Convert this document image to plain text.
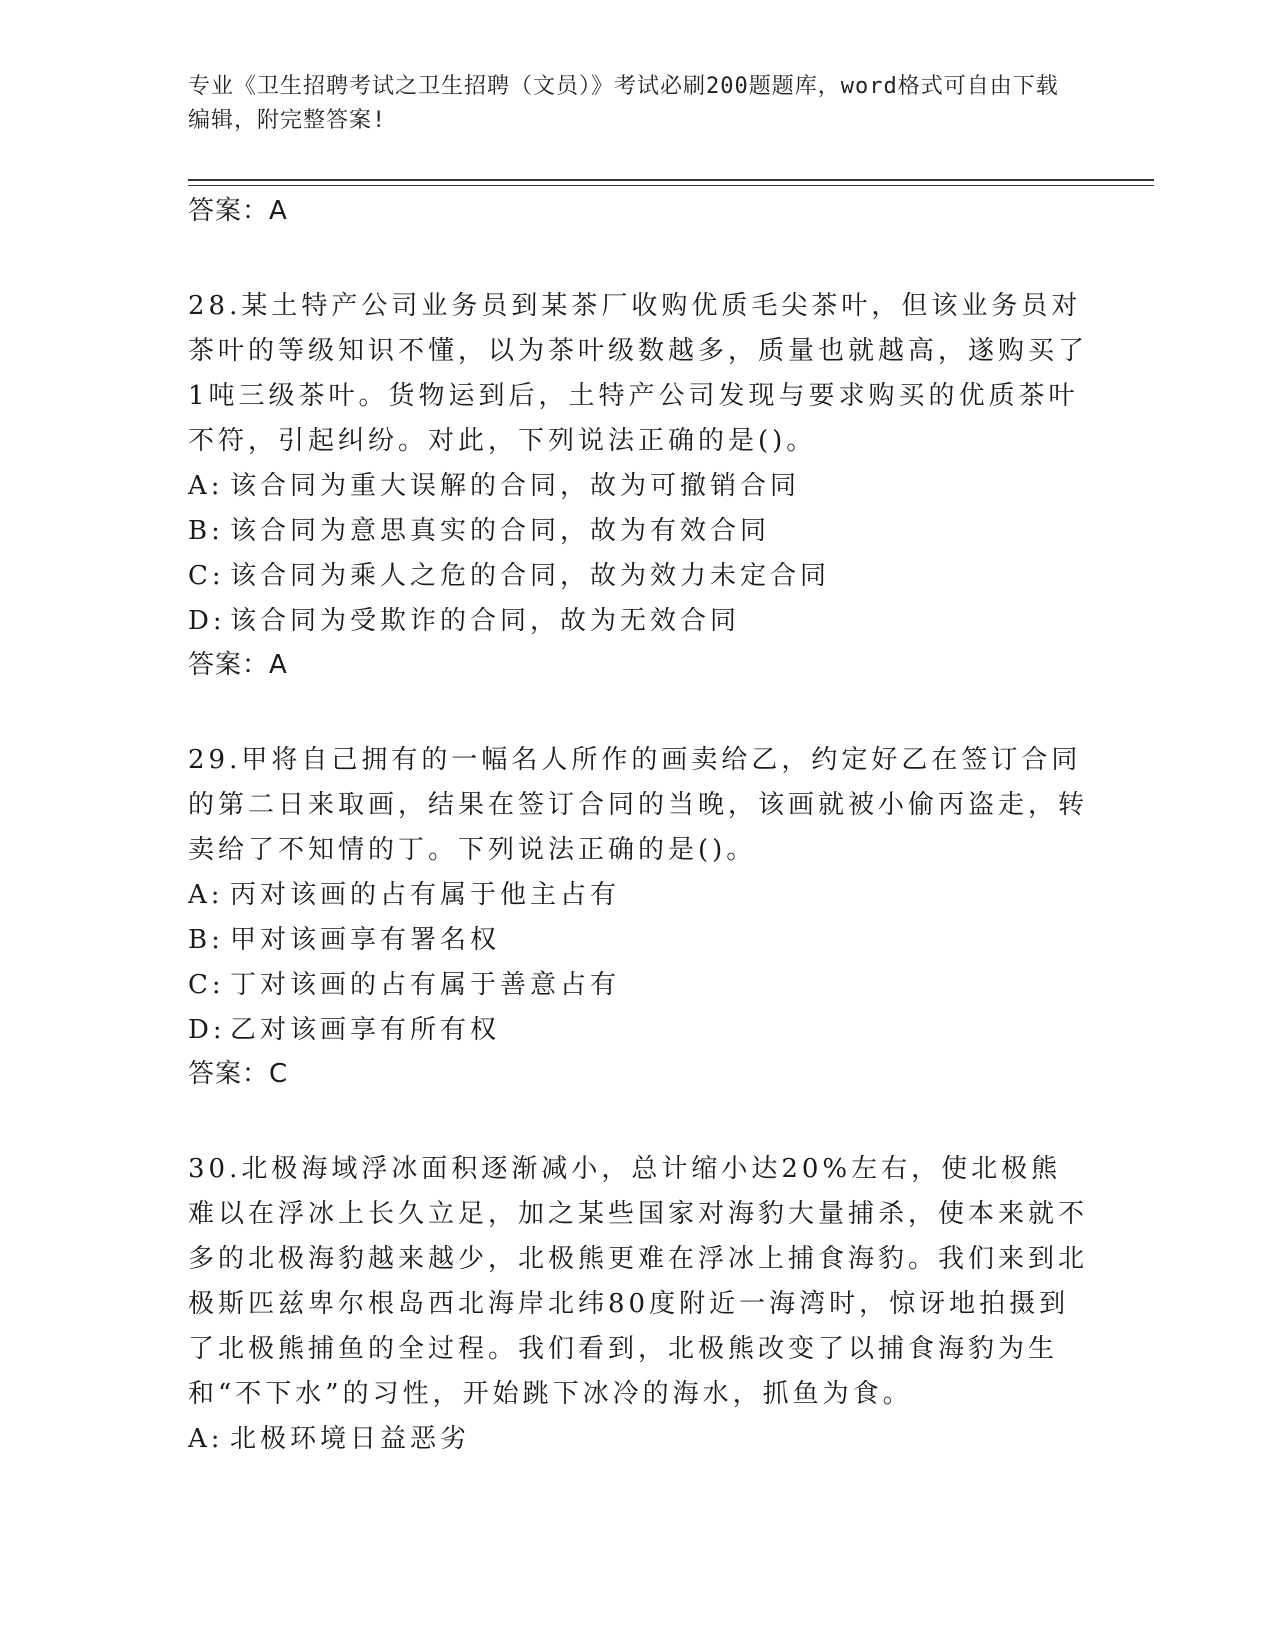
专业《卫生招聘考试之卫生招聘（文员）》考试必刷200题题库，word格式可自由下载编辑，附完整答案!
答案：A

28.某土特产公司业务员到某茶厂收购优质毛尖茶叶，但该业务员对茶叶的等级知识不懂，以为茶叶级数越多，质量也就越高，遂购买了1吨三级茶叶。货物运到后，土特产公司发现与要求购买的优质茶叶不符，引起纠纷。对此，下列说法正确的是()。

A: 该合同为重大误解的合同，故为可撤销合同
B: 该合同为意思真实的合同，故为有效合同
C: 该合同为乘人之危的合同，故为效力未定合同
D: 该合同为受欺诈的合同，故为无效合同
答案：A

29.甲将自己拥有的一幅名人所作的画卖给乙，约定好乙在签订合同的第二日来取画，结果在签订合同的当晚，该画就被小偷丙盗走，转卖给了不知情的丁。下列说法正确的是()。

A: 丙对该画的占有属于他主占有
B: 甲对该画享有署名权
C: 丁对该画的占有属于善意占有
D: 乙对该画享有所有权
答案：C

30.北极海域浮冰面积逐渐减小，总计缩小达20%左右，使北极熊难以在浮冰上长久立足，加之某些国家对海豹大量捕杀，使本来就不多的北极海豹越来越少，北极熊更难在浮冰上捕食海豹。我们来到北极斯匹兹卑尔根岛西北海岸北纬80度附近一海湾时，惊讶地拍摄到了北极熊捕鱼的全过程。我们看到，北极熊改变了以捕食海豹为生和“不下水”的习性，开始跳下冰冷的海水，抓鱼为食。

A: 北极环境日益恶劣
